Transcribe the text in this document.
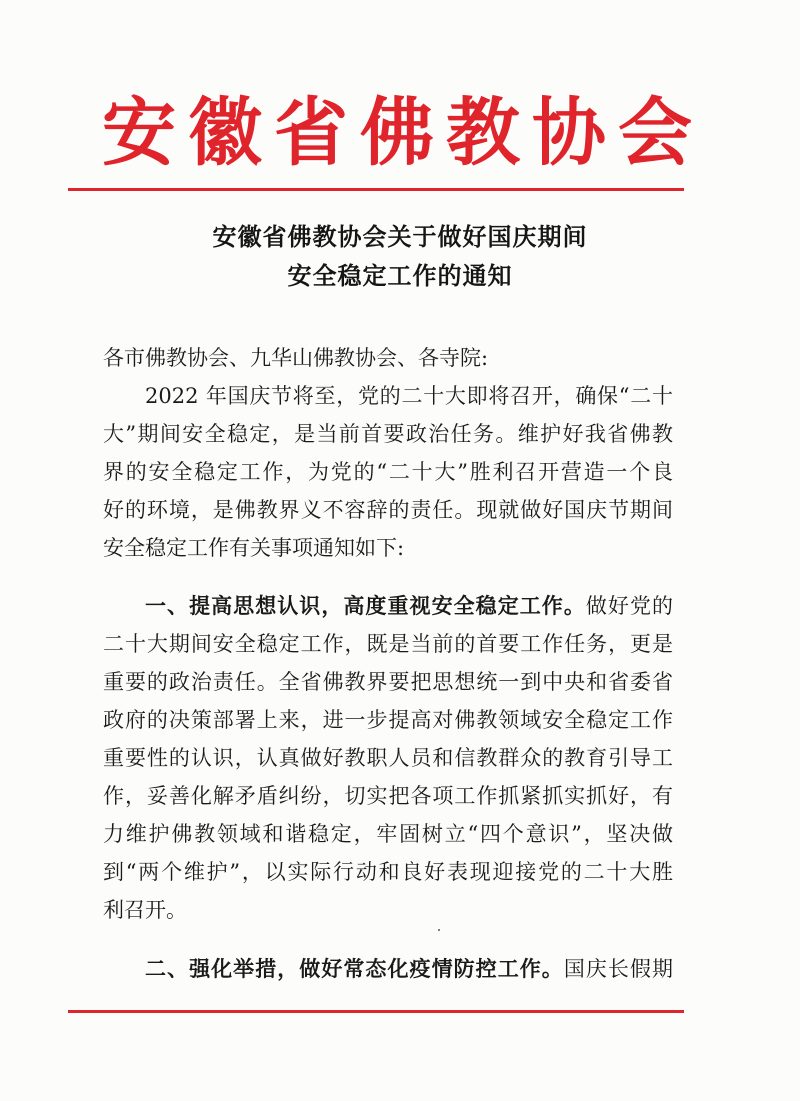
安徽省佛教协会
安徽省佛教协会关于做好国庆期间
安全稳定工作的通知
各市佛教协会、九华山佛教协会、各寺院:
2022 年国庆节将至，党的二十大即将召开，确保“二十
大”期间安全稳定，是当前首要政治任务。维护好我省佛教
界的安全稳定工作，为党的“二十大”胜利召开营造一个良
好的环境，是佛教界义不容辞的责任。现就做好国庆节期间
安全稳定工作有关事项通知如下:
一、提高思想认识，高度重视安全稳定工作。做好党的
二十大期间安全稳定工作，既是当前的首要工作任务，更是
重要的政治责任。全省佛教界要把思想统一到中央和省委省
政府的决策部署上来，进一步提高对佛教领域安全稳定工作
重要性的认识，认真做好教职人员和信教群众的教育引导工
作，妥善化解矛盾纠纷，切实把各项工作抓紧抓实抓好，有
力维护佛教领域和谐稳定，牢固树立“四个意识”，坚决做
到“两个维护”，以实际行动和良好表现迎接党的二十大胜
利召开。
二、强化举措，做好常态化疫情防控工作。国庆长假期
